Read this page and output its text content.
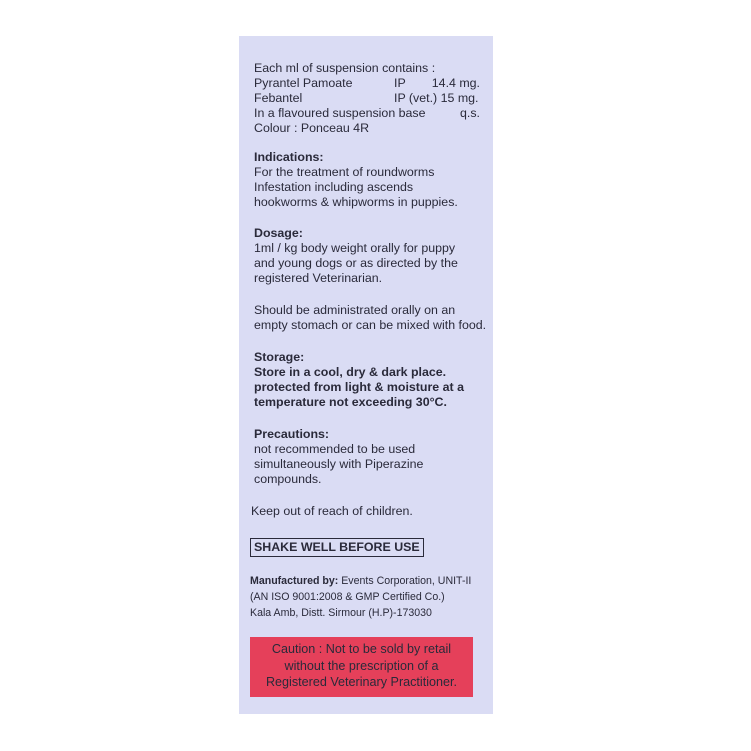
Each ml of suspension contains :
Pyrantel Pamoate	IP 14.4 mg.
Febantel	IP (vet.) 15 mg.
In a flavoured suspension base	q.s.
Colour : Ponceau 4R
Indications:
For the treatment of roundworms
Infestation including ascends
hookworms & whipworms in puppies.
Dosage:
1ml / kg body weight orally for puppy
and young dogs or as directed by the
registered Veterinarian.
Should be administrated orally on an
empty stomach or can be mixed with food.
Storage:
Store in a cool, dry & dark place.
protected from light & moisture at a
temperature not exceeding 30°C.
Precautions:
not recommended to be used
simultaneously with Piperazine
compounds.
Keep out of reach of children.
SHAKE WELL BEFORE USE
Manufactured by: Events Corporation, UNIT-II
(AN ISO 9001:2008 & GMP Certified Co.)
Kala Amb, Distt. Sirmour (H.P)-173030
Caution : Not to be sold by retail
without the prescription of a
Registered Veterinary Practitioner.
